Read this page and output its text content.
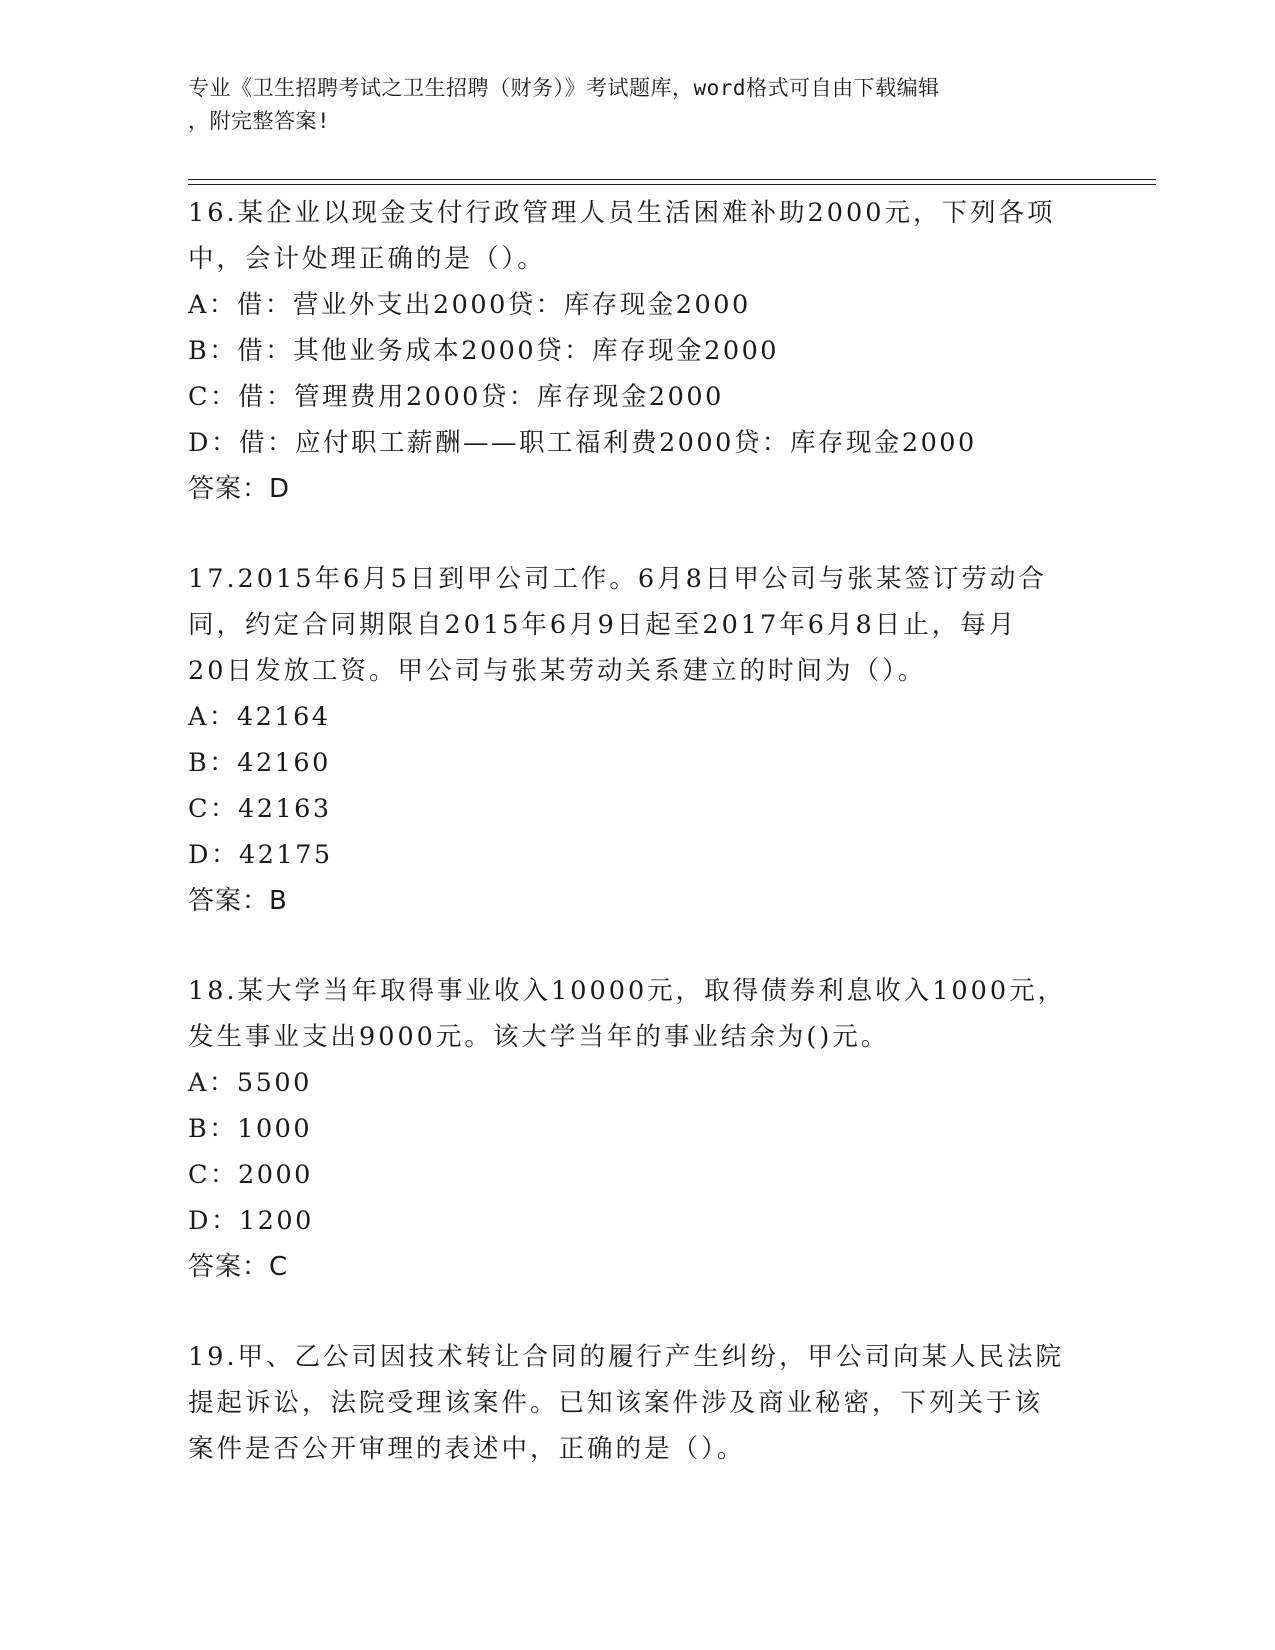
专业《卫生招聘考试之卫生招聘（财务）》考试题库，word格式可自由下载编辑
，附完整答案!
16.某企业以现金支付行政管理人员生活困难补助2000元，下列各项
中，会计处理正确的是（）。
A：借：营业外支出2000贷：库存现金2000
B：借：其他业务成本2000贷：库存现金2000
C：借：管理费用2000贷：库存现金2000
D：借：应付职工薪酬——职工福利费2000贷：库存现金2000
答案：D
17.2015年6月5日到甲公司工作。6月8日甲公司与张某签订劳动合
同，约定合同期限自2015年6月9日起至2017年6月8日止，每月
20日发放工资。甲公司与张某劳动关系建立的时间为（）。
A：42164
B：42160
C：42163
D：42175
答案：B
18.某大学当年取得事业收入10000元，取得债券利息收入1000元，
发生事业支出9000元。该大学当年的事业结余为()元。
A：5500
B：1000
C：2000
D：1200
答案：C
19.甲、乙公司因技术转让合同的履行产生纠纷，甲公司向某人民法院
提起诉讼，法院受理该案件。已知该案件涉及商业秘密，下列关于该
案件是否公开审理的表述中，正确的是（）。
